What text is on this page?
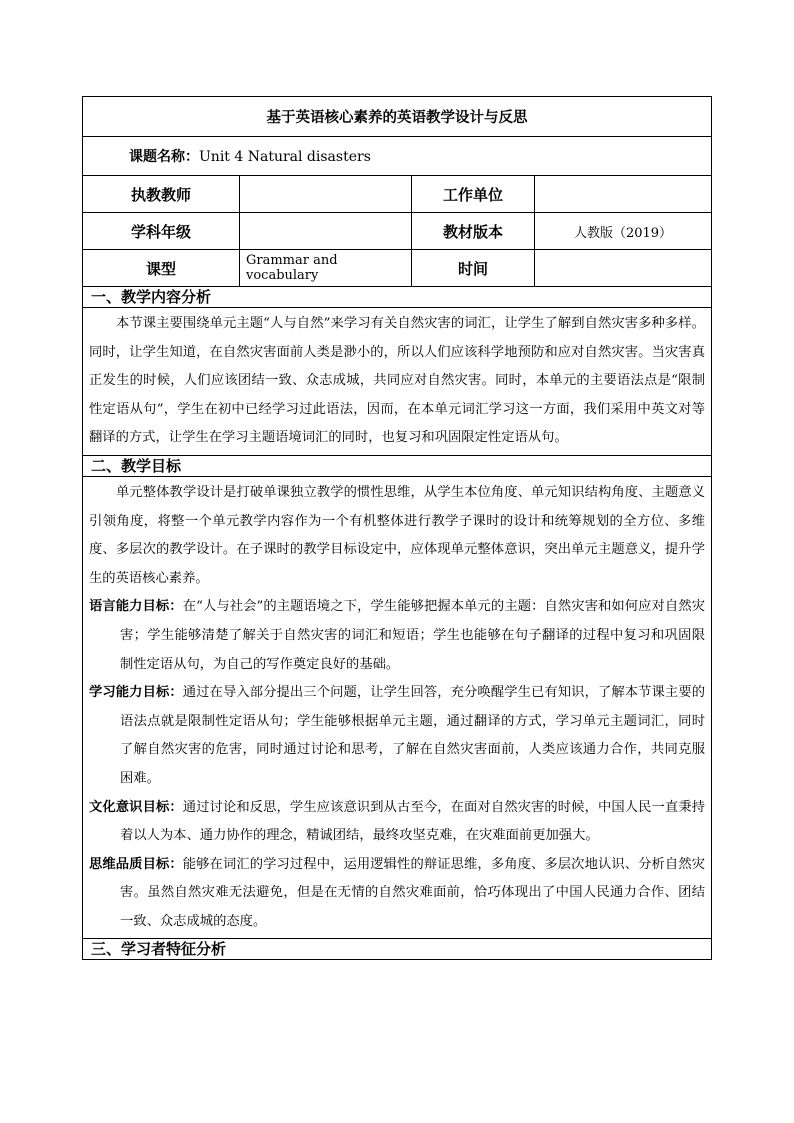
基于英语核心素养的英语教学设计与反思			
课题名称：Unit 4 Natural disasters			
执教教师		工作单位	
学科年级		教材版本	人教版（2019）
课型	Grammar and vocabulary	时间	
一、教学内容分析			

本节课主要围绕单元主题“人与自然”来学习有关自然灾害的词汇，让学生了解到自然灾害多种多样。同时，让学生知道，在自然灾害面前人类是渺小的，所以人们应该科学地预防和应对自然灾害。当灾害真正发生的时候，人们应该团结一致、众志成城，共同应对自然灾害。同时，本单元的主要语法点是“限制性定语从句”，学生在初中已经学习过此语法，因而，在本单元词汇学习这一方面，我们采用中英文对等翻译的方式，让学生在学习主题语境词汇的同时，也复习和巩固限定性定语从句。			

二、教学目标			

单元整体教学设计是打破单课独立教学的惯性思维，从学生本位角度、单元知识结构角度、主题意义引领角度，将整一个单元教学内容作为一个有机整体进行教学子课时的设计和统筹规划的全方位、多维度、多层次的教学设计。在子课时的教学目标设定中，应体现单元整体意识，突出单元主题意义，提升学生的英语核心素养。

语言能力目标：在“人与社会”的主题语境之下，学生能够把握本单元的主题：自然灾害和如何应对自然灾害；学生能够清楚了解关于自然灾害的词汇和短语；学生也能够在句子翻译的过程中复习和巩固限制性定语从句，为自己的写作奠定良好的基础。

学习能力目标：通过在导入部分提出三个问题，让学生回答，充分唤醒学生已有知识，了解本节课主要的语法点就是限制性定语从句；学生能够根据单元主题，通过翻译的方式，学习单元主题词汇，同时了解自然灾害的危害，同时通过讨论和思考，了解在自然灾害面前，人类应该通力合作，共同克服困难。

文化意识目标：通过讨论和反思，学生应该意识到从古至今，在面对自然灾害的时候，中国人民一直秉持着以人为本、通力协作的理念，精诚团结，最终攻坚克难，在灾难面前更加强大。

思维品质目标：能够在词汇的学习过程中，运用逻辑性的辩证思维，多角度、多层次地认识、分析自然灾害。虽然自然灾难无法避免，但是在无情的自然灾难面前，恰巧体现出了中国人民通力合作、团结一致、众志成城的态度。			

三、学习者特征分析			
